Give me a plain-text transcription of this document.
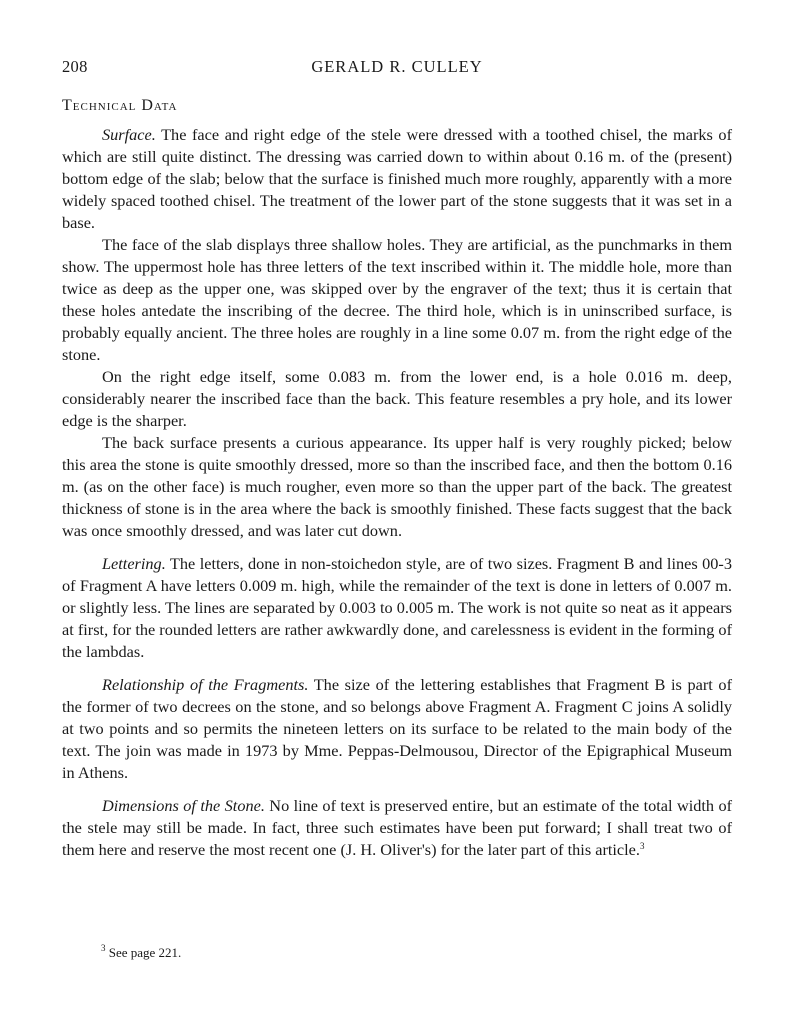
208	GERALD R. CULLEY
Technical Data

Surface. The face and right edge of the stele were dressed with a toothed chisel, the marks of which are still quite distinct. The dressing was carried down to within about 0.16 m. of the (present) bottom edge of the slab; below that the surface is finished much more roughly, apparently with a more widely spaced toothed chisel. The treatment of the lower part of the stone suggests that it was set in a base.

The face of the slab displays three shallow holes. They are artificial, as the punchmarks in them show. The uppermost hole has three letters of the text inscribed within it. The middle hole, more than twice as deep as the upper one, was skipped over by the engraver of the text; thus it is certain that these holes antedate the inscribing of the decree. The third hole, which is in uninscribed surface, is probably equally ancient. The three holes are roughly in a line some 0.07 m. from the right edge of the stone.

On the right edge itself, some 0.083 m. from the lower end, is a hole 0.016 m. deep, considerably nearer the inscribed face than the back. This feature resembles a pry hole, and its lower edge is the sharper.

The back surface presents a curious appearance. Its upper half is very roughly picked; below this area the stone is quite smoothly dressed, more so than the inscribed face, and then the bottom 0.16 m. (as on the other face) is much rougher, even more so than the upper part of the back. The greatest thickness of stone is in the area where the back is smoothly finished. These facts suggest that the back was once smoothly dressed, and was later cut down.

Lettering. The letters, done in non-stoichedon style, are of two sizes. Fragment B and lines 00-3 of Fragment A have letters 0.009 m. high, while the remainder of the text is done in letters of 0.007 m. or slightly less. The lines are separated by 0.003 to 0.005 m. The work is not quite so neat as it appears at first, for the rounded letters are rather awkwardly done, and carelessness is evident in the forming of the lambdas.

Relationship of the Fragments. The size of the lettering establishes that Fragment B is part of the former of two decrees on the stone, and so belongs above Fragment A. Fragment C joins A solidly at two points and so permits the nineteen letters on its surface to be related to the main body of the text. The join was made in 1973 by Mme. Peppas-Delmousou, Director of the Epigraphical Museum in Athens.

Dimensions of the Stone. No line of text is preserved entire, but an estimate of the total width of the stele may still be made. In fact, three such estimates have been put forward; I shall treat two of them here and reserve the most recent one (J. H. Oliver's) for the later part of this article.$^3$

$^3$ See page 221.
